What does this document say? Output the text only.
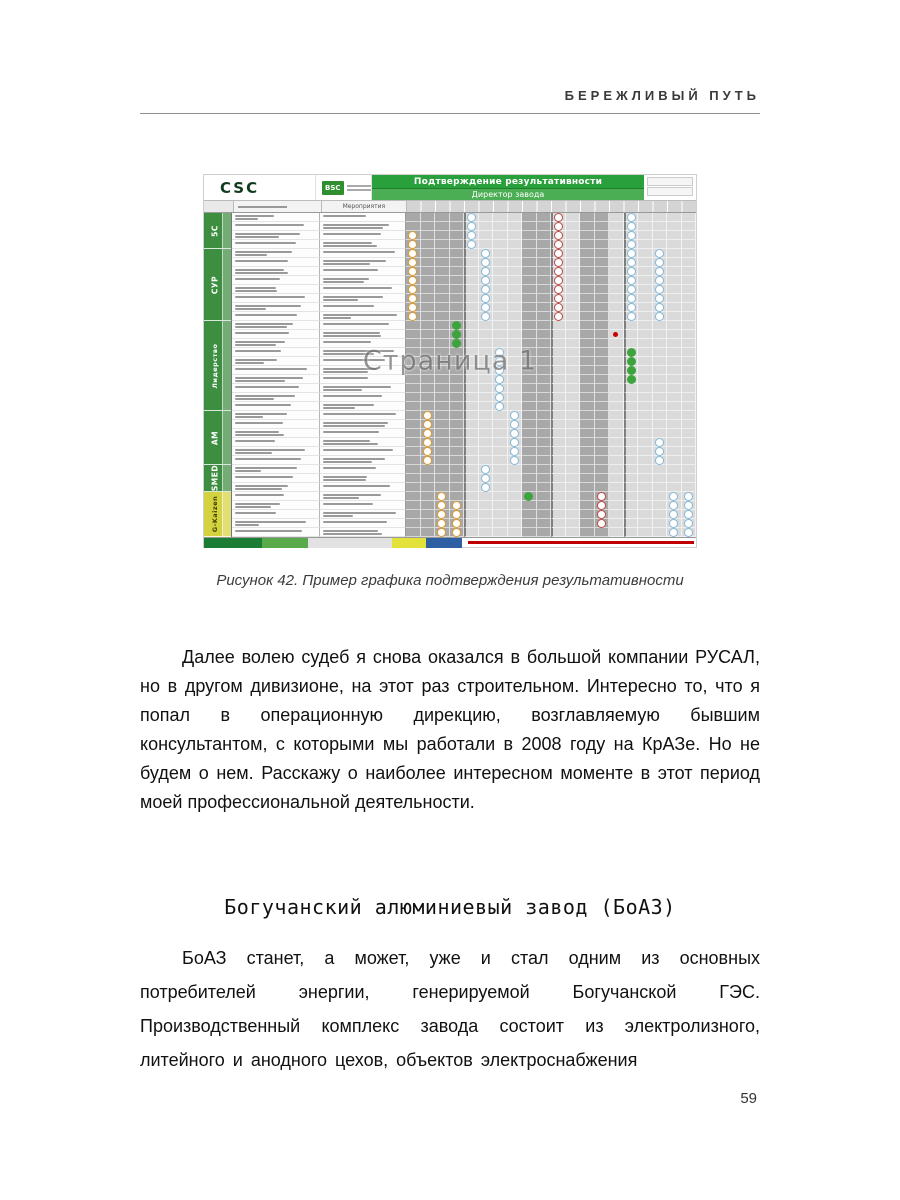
БЕРЕЖЛИВЫЙ ПУТЬ
CSC	BSC
Подтверждение результативности
Директор завода
Мероприятия
5С
СУР
Лидерство
АМ
SMED
G-Kaizen
Страница 1
Рисунок 42. Пример графика подтверждения результативности

Далее волею судеб я снова оказался в большой компании РУСАЛ, но в другом дивизионе, на этот раз строительном. Интересно то, что я попал в операционную дирекцию, возглавляемую бывшим консультантом, с которыми мы работали в 2008 году на КрАЗе. Но не будем о нем. Расскажу о наиболее интересном моменте в этот период моей профессиональной деятельности.

Богучанский алюминиевый завод (БоАЗ)

БоАЗ станет, а может, уже и стал одним из основных потребителей энергии, генерируемой Богучанской ГЭС. Производственный комплекс завода состоит из электролизного, литейного и анодного цехов, объектов электроснабжения

59
